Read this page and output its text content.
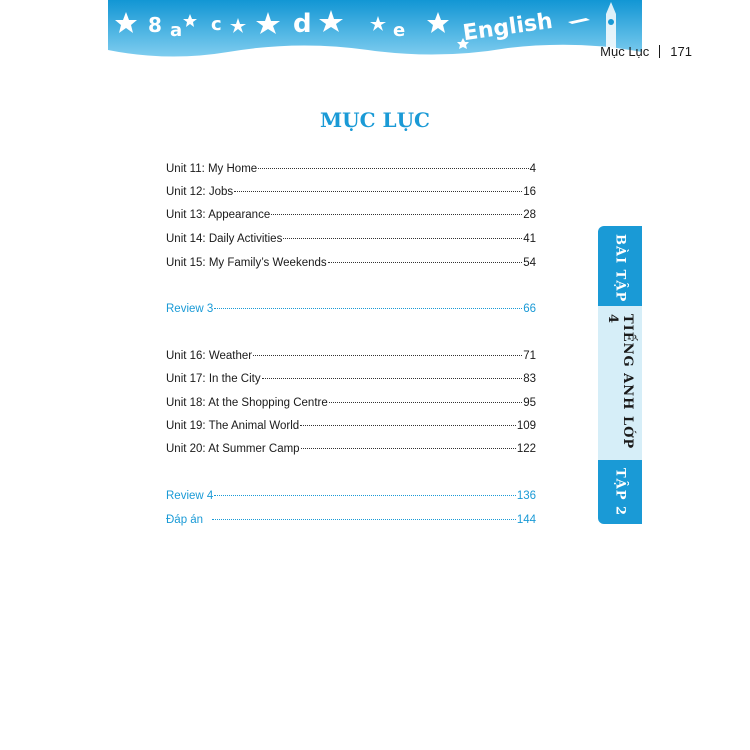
8 a c	d	e	English
Mục Lục 171
MỤC LỤC
Unit 11: My Home	4
Unit 12: Jobs	16
Unit 13: Appearance	28
Unit 14: Daily Activities	41
Unit 15: My Family’s Weekends	54
Review 3	66
Unit 16: Weather	71
Unit 17: In the City	83
Unit 18: At the Shopping Centre	95
Unit 19: The Animal World	109
Unit 20: At Summer Camp	122
Review 4	136
Đáp án	144
BÀI TẬP
TIẾNG ANH LỚP 4
TẬP 2
